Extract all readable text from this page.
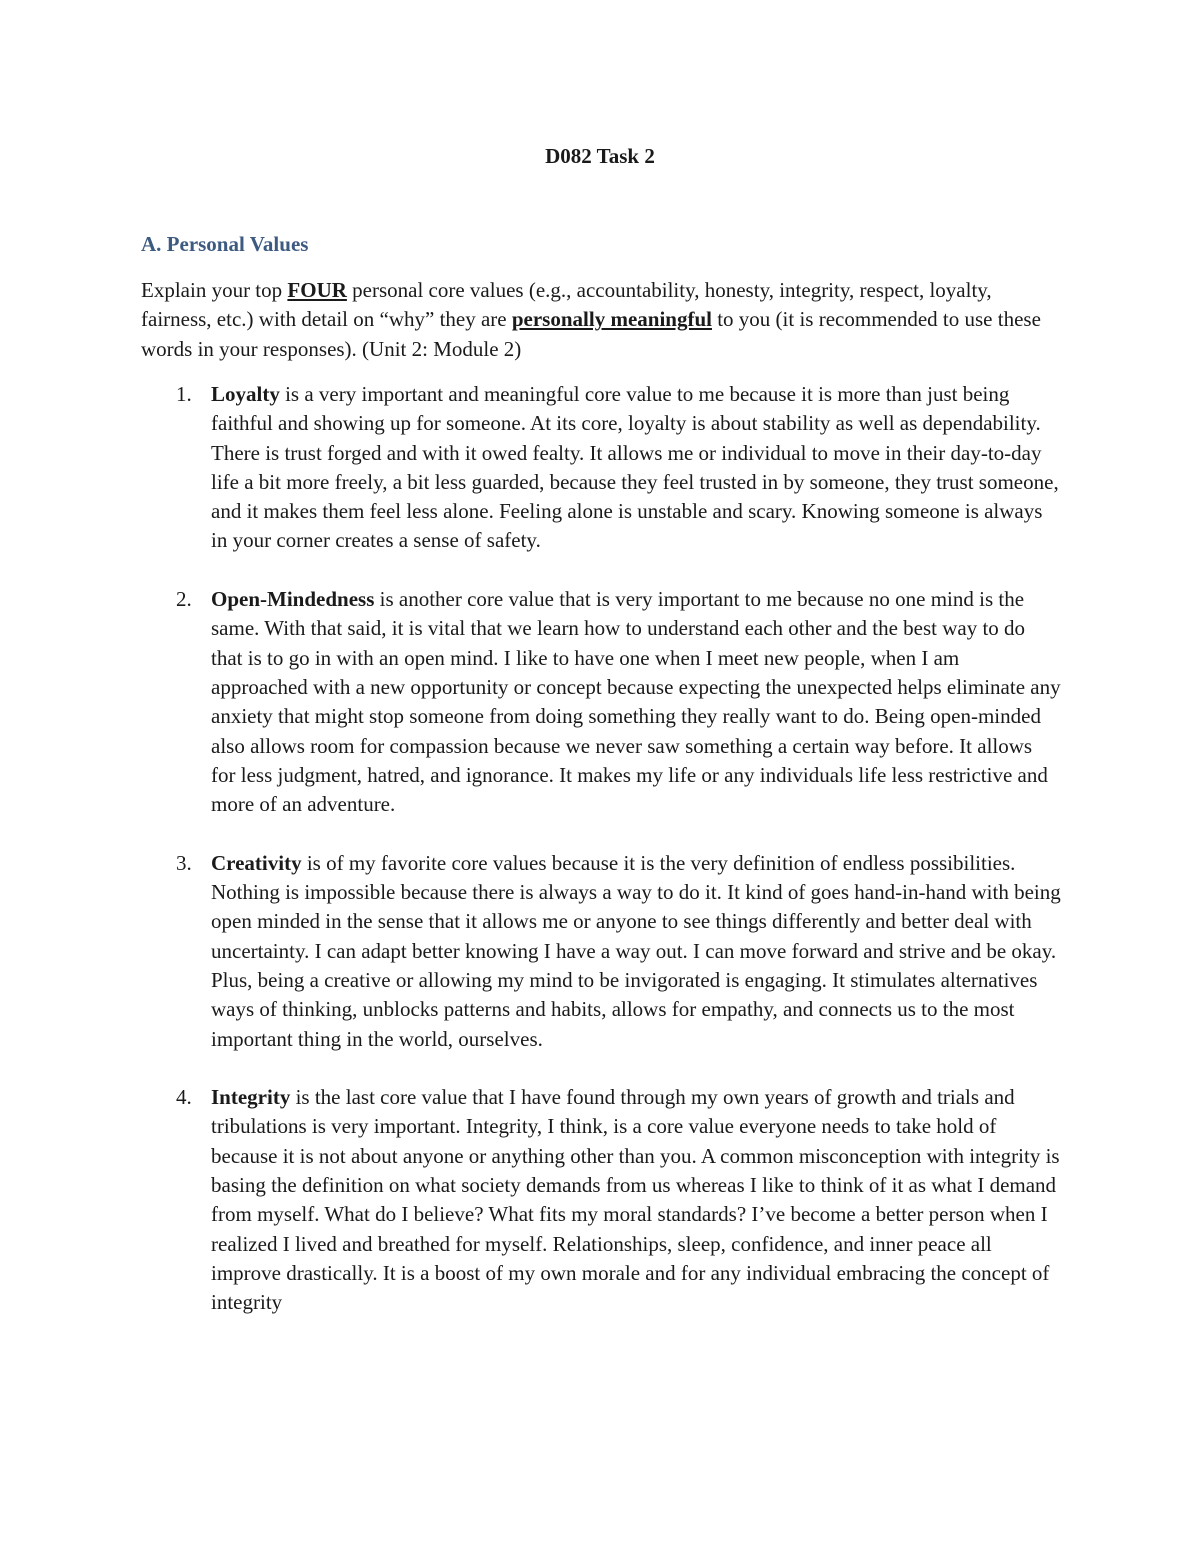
D082 Task 2
A. Personal Values

Explain your top FOUR personal core values (e.g., accountability, honesty, integrity, respect, loyalty, fairness, etc.) with detail on “why” they are personally meaningful to you (it is recommended to use these words in your responses). (Unit 2: Module 2)

1. Loyalty is a very important and meaningful core value to me because it is more than just being faithful and showing up for someone. At its core, loyalty is about stability as well as dependability. There is trust forged and with it owed fealty. It allows me or individual to move in their day-to-day life a bit more freely, a bit less guarded, because they feel trusted in by someone, they trust someone, and it makes them feel less alone. Feeling alone is unstable and scary. Knowing someone is always in your corner creates a sense of safety.
2. Open-Mindedness is another core value that is very important to me because no one mind is the same. With that said, it is vital that we learn how to understand each other and the best way to do that is to go in with an open mind. I like to have one when I meet new people, when I am approached with a new opportunity or concept because expecting the unexpected helps eliminate any anxiety that might stop someone from doing something they really want to do. Being open-minded also allows room for compassion because we never saw something a certain way before. It allows for less judgment, hatred, and ignorance. It makes my life or any individuals life less restrictive and more of an adventure.
3. Creativity is of my favorite core values because it is the very definition of endless possibilities. Nothing is impossible because there is always a way to do it. It kind of goes hand-in-hand with being open minded in the sense that it allows me or anyone to see things differently and better deal with uncertainty. I can adapt better knowing I have a way out. I can move forward and strive and be okay. Plus, being a creative or allowing my mind to be invigorated is engaging. It stimulates alternatives ways of thinking, unblocks patterns and habits, allows for empathy, and connects us to the most important thing in the world, ourselves.
4. Integrity is the last core value that I have found through my own years of growth and trials and tribulations is very important. Integrity, I think, is a core value everyone needs to take hold of because it is not about anyone or anything other than you. A common misconception with integrity is basing the definition on what society demands from us whereas I like to think of it as what I demand from myself. What do I believe? What fits my moral standards? I’ve become a better person when I realized I lived and breathed for myself. Relationships, sleep, confidence, and inner peace all improve drastically. It is a boost of my own morale and for any individual embracing the concept of integrity
